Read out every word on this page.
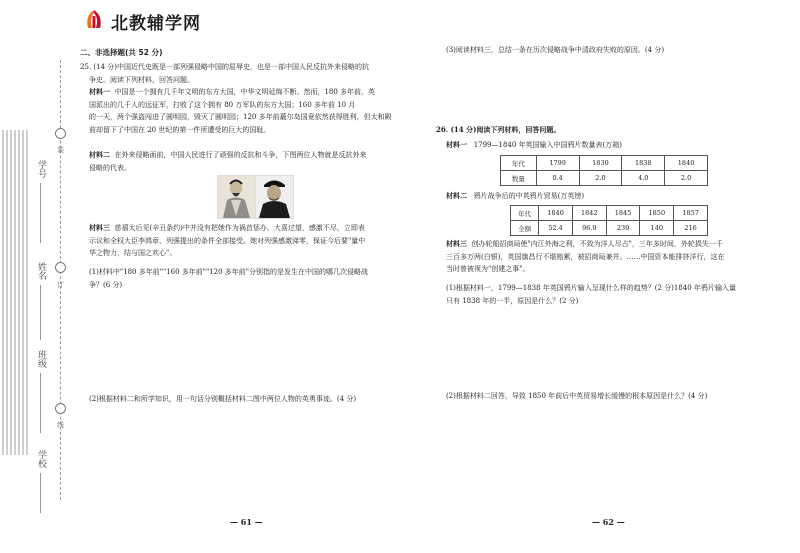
装
订
线
学号
姓名
班级
学校
北教辅学网
二、非选择题(共 52 分)
25. (14 分)中国近代史既是一部列强侵略中国的屈辱史，也是一部中国人民反抗外来侵略的抗
争史。阅读下列材料，回答问题。
材料一 中国是一个拥有几千年文明的东方大国，中华文明延绵不断。然而，180 多年前，英
国派出的几千人的远征军，打败了这个拥有 80 万军队的东方大国；160 多年前 10 月
的一天，两个强盗闯进了圆明园，毁灭了圆明园；120 多年前蕞尔岛国竟依然获得胜利，但太和殿
前却留下了中国在 20 世纪的第一件所遭受的巨大的国耻。
材料二 在外来侵略面前，中国人民进行了顽强的反抗和斗争，下图两位人物就是反抗外来
侵略的代表。
材料三 慈禧太后见(辛丑条约)中并没有把她作为祸首惩办，大喜过望，感激不尽，立即表
示议和全权大臣李鸿章，列强提出的条件全部接受。她对列强感激涕零，保证今后要"量中
华之物力，结与国之欢心"。
(1)材料中"180 多年前""160 多年前""120 多年前"分别指的是发生在中国的哪几次侵略战
争？(6 分)
(2)根据材料二和所学知识，用一句话分别概括材料二图中两位人物的英勇事迹。(4 分)
— 61 —
(3)阅读材料三，总结一条在历次侵略战争中清政府失败的原因。(4 分)
26. (14 分)阅读下列材料，回答问题。
材料一 1799—1840 年英国输入中国鸦片数量表(万箱)
年代	1799	1830	1838	1840
数量	0.4	2.0	4.0	2.0
材料二 鸦片战争后的中英鸦片贸易(万英镑)
年代	1840	1842	1845	1850	1857
全额	52.4	96.9	239	140	216
材料三 创办轮船招商局使"内江外海之利，不致为洋人尽占"，三年多时间，外轮损失一千
三百多万两(白银)，英国旗昌行不堪赔累，被招商局兼并。……中国资本能排挤洋行，这在
当时曾被视为"创建之事"。
(1)根据材料一，1799—1838 年英国鸦片输入呈现什么样的趋势？(2 分)1840 年鸦片输入量
只有 1838 年的一半，原因是什么？(2 分)
(2)根据材料二回答，导致 1850 年前后中英贸易增长缓慢的根本原因是什么？(4 分)
— 62 —
